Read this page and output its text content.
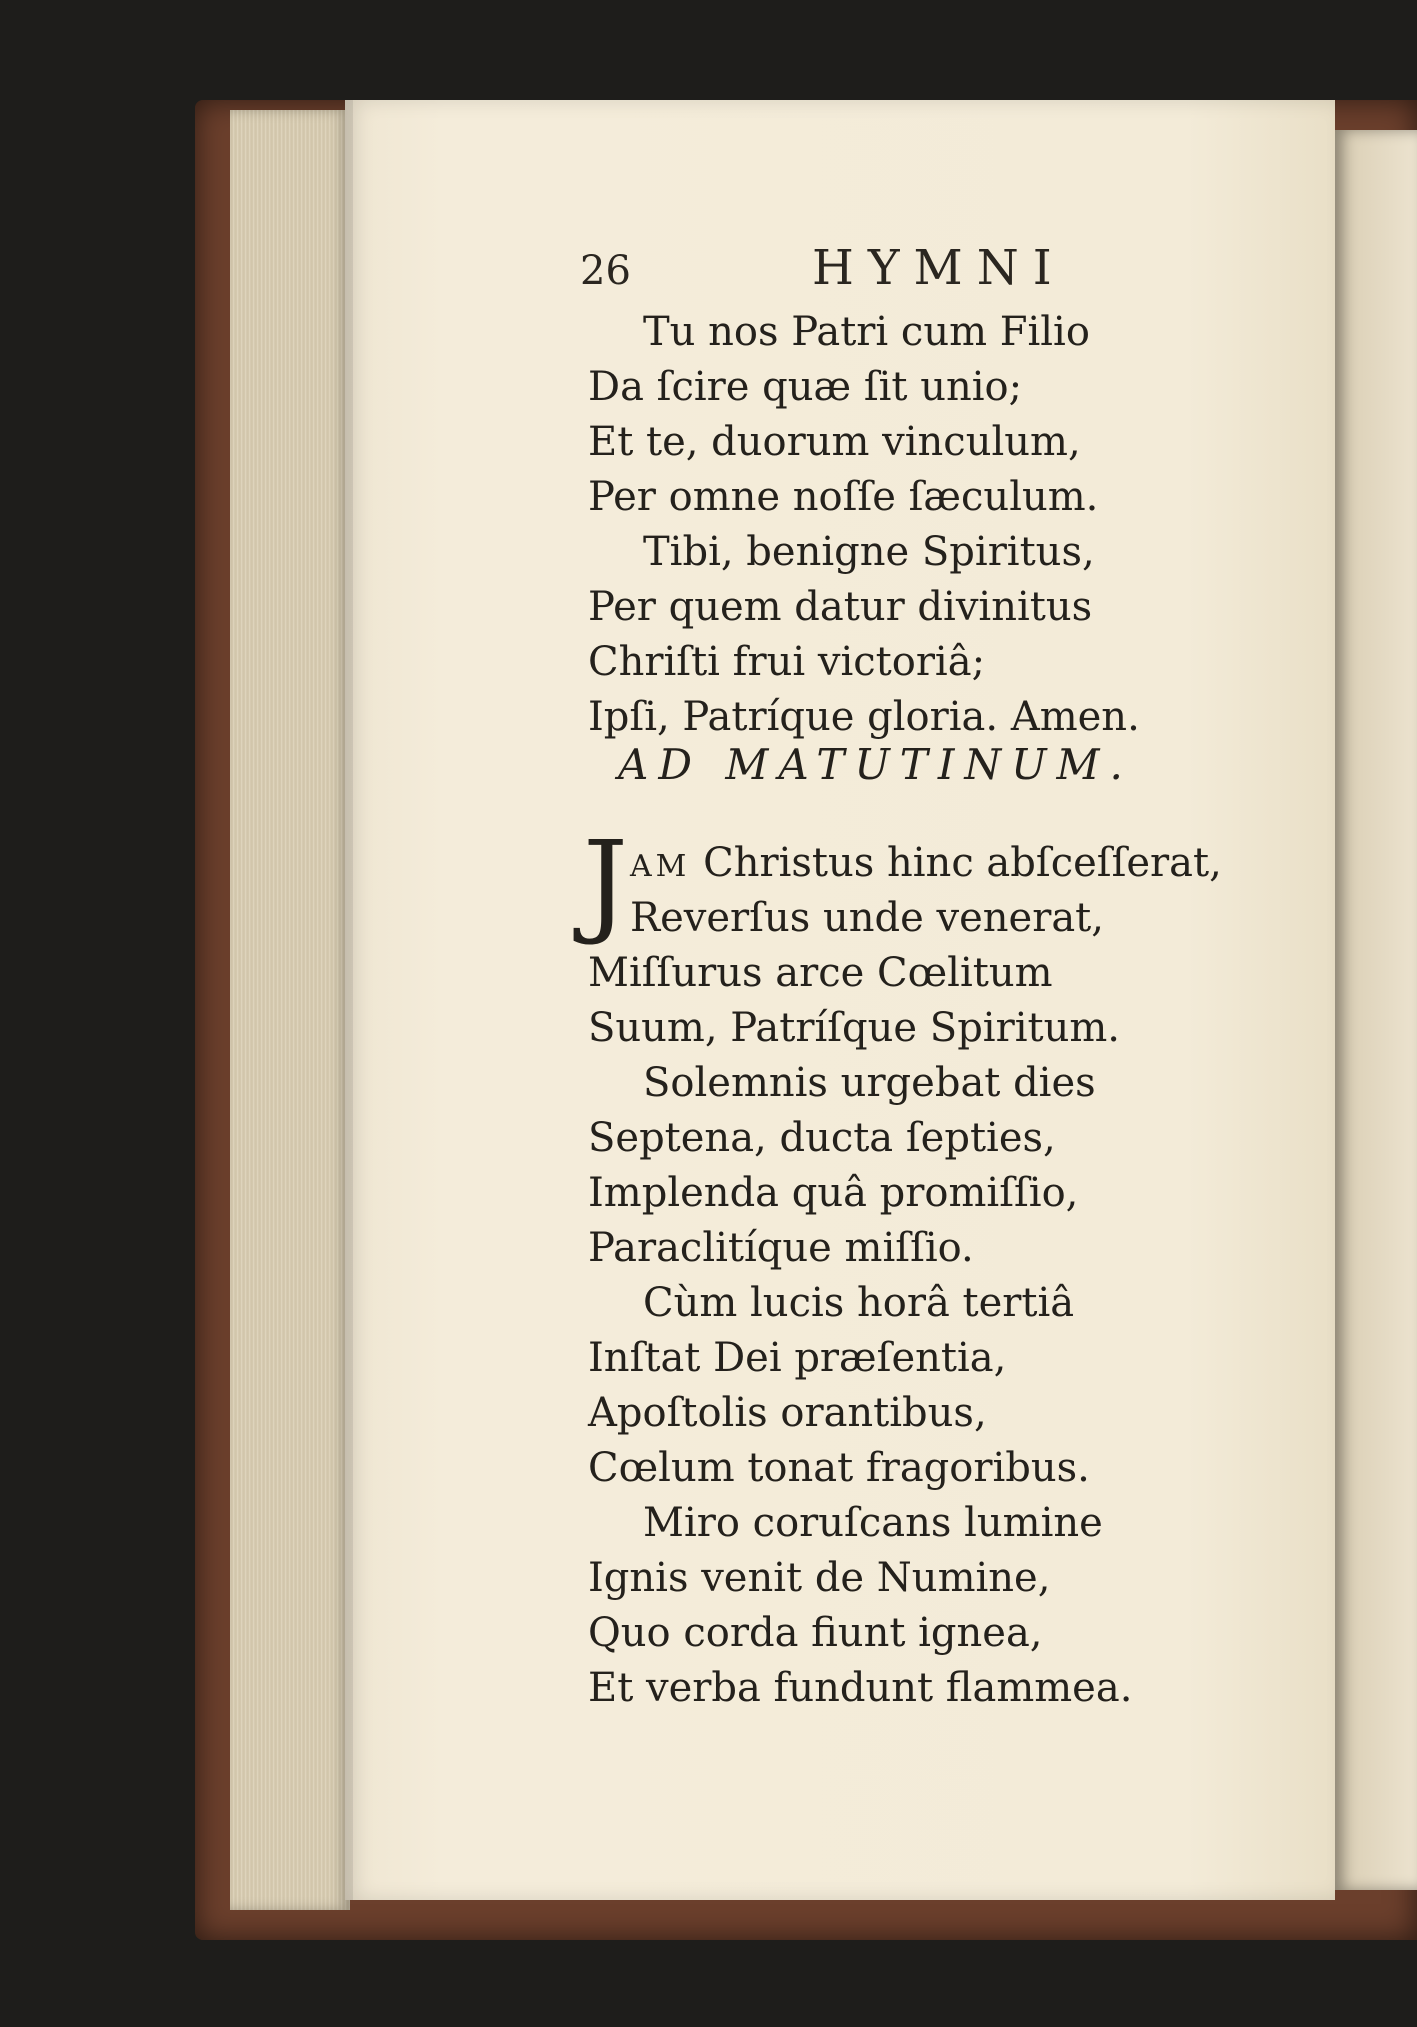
26	HYMNI
Tu nos Patri cum Filio
Da ſcire quæ ſit unio;
Et te, duorum vinculum,
Per omne noſſe ſæculum.
Tibi, benigne Spiritus,
Per quem datur divinitus
Chriſti frui victoriâ;
Ipſi, Patríque gloria. Amen.
AD MATUTINUM.
J AM Christus hinc abſceſſerat,
Reverſus unde venerat,
Miſſurus arce Cœlitum
Suum, Patríſque Spiritum.
Solemnis urgebat dies
Septena, ducta ſepties,
Implenda quâ promiſſio,
Paraclitíque miſſio.
Cùm lucis horâ tertiâ
Inſtat Dei præſentia,
Apoſtolis orantibus,
Cœlum tonat fragoribus.
Miro coruſcans lumine
Ignis venit de Numine,
Quo corda fiunt ignea,
Et verba fundunt flammea.
